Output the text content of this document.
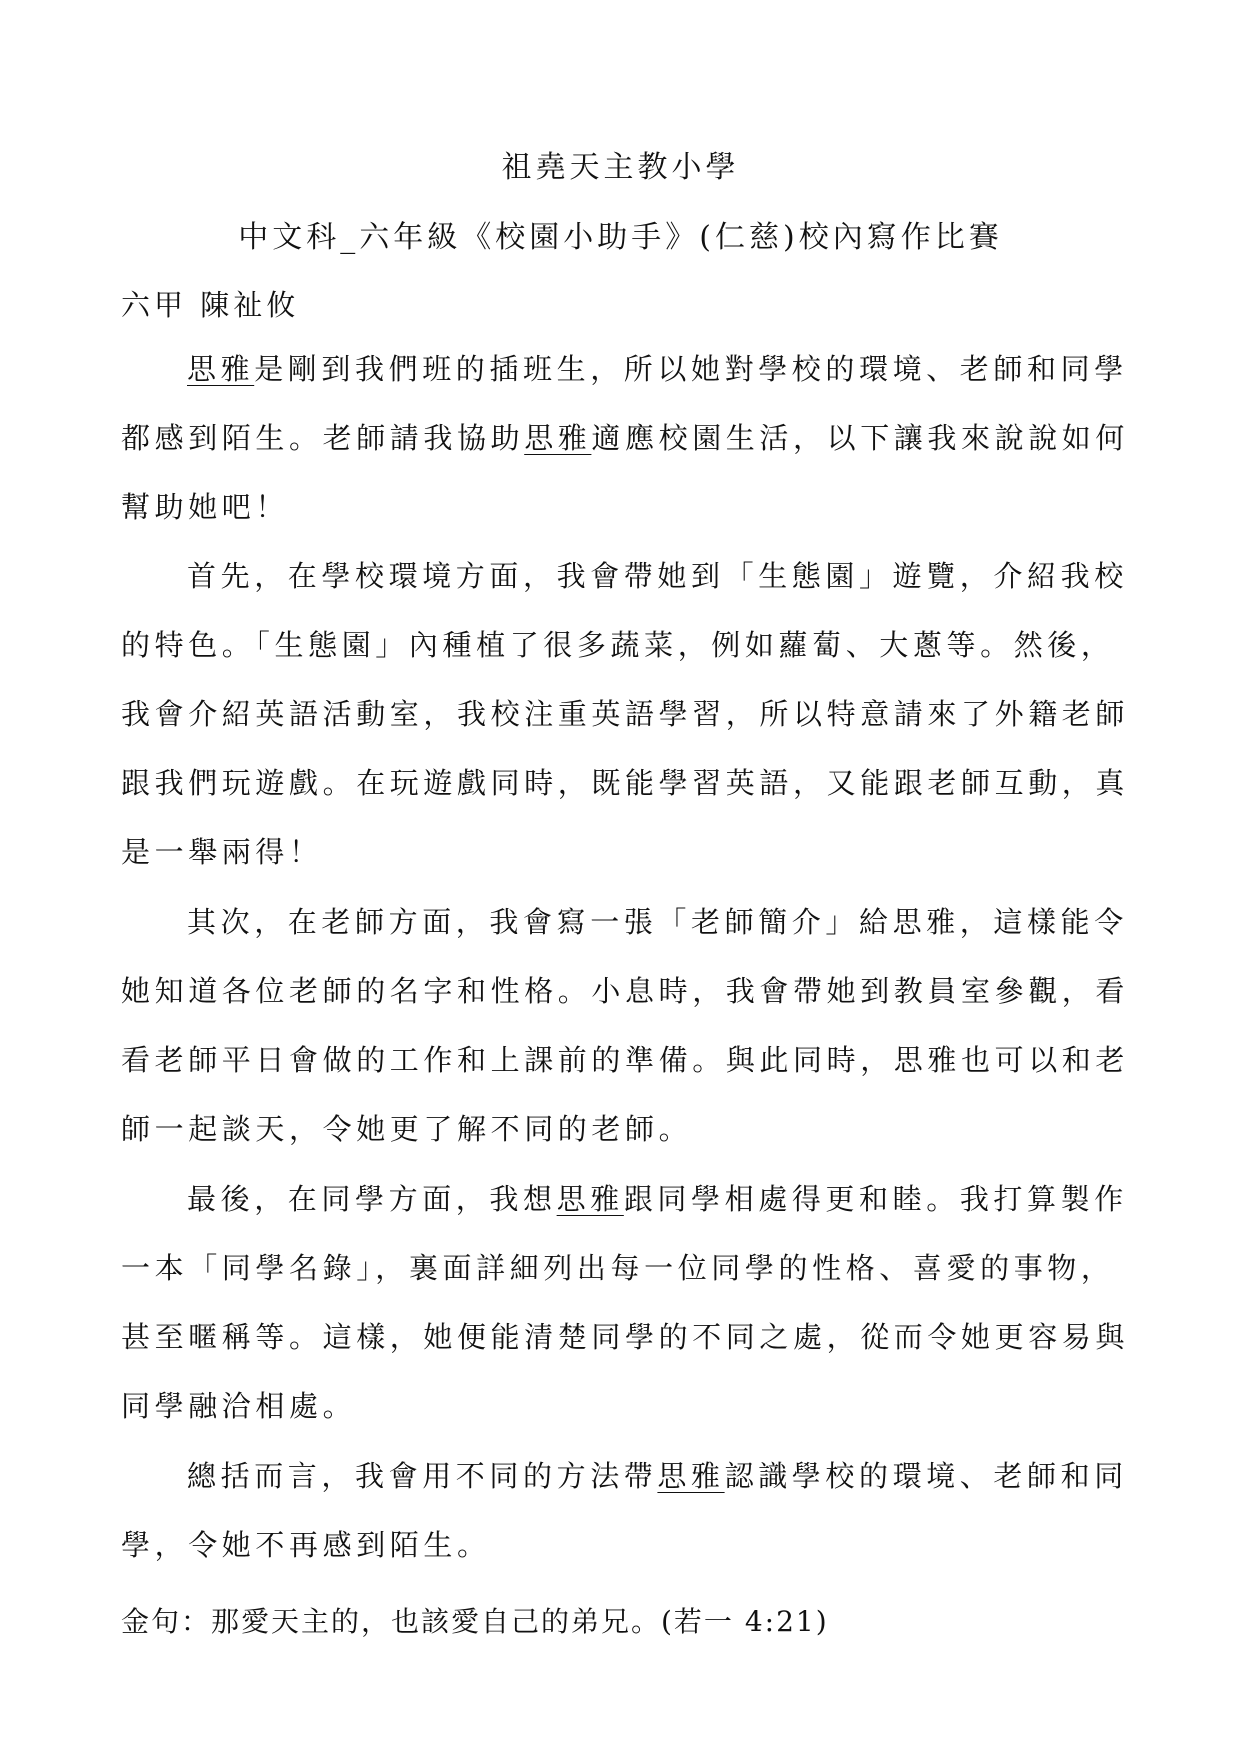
祖堯天主教小學
中文科_六年級《校園小助手》(仁慈)校內寫作比賽
六甲 陳祉攸
思雅是剛到我們班的插班生，所以她對學校的環境、老師和同學
都感到陌生。老師請我協助思雅適應校園生活，以下讓我來說說如何
幫助她吧！
首先，在學校環境方面，我會帶她到「生態園」遊覽，介紹我校
的特色。「生態園」內種植了很多蔬菜，例如蘿蔔、大蔥等。然後，
我會介紹英語活動室，我校注重英語學習，所以特意請來了外籍老師
跟我們玩遊戲。在玩遊戲同時，既能學習英語，又能跟老師互動，真
是一舉兩得！
其次，在老師方面，我會寫一張「老師簡介」給思雅，這樣能令
她知道各位老師的名字和性格。小息時，我會帶她到教員室參觀，看
看老師平日會做的工作和上課前的準備。與此同時，思雅也可以和老
師一起談天，令她更了解不同的老師。
最後，在同學方面，我想思雅跟同學相處得更和睦。我打算製作
一本「同學名錄」，裏面詳細列出每一位同學的性格、喜愛的事物，
甚至暱稱等。這樣，她便能清楚同學的不同之處，從而令她更容易與
同學融洽相處。
總括而言，我會用不同的方法帶思雅認識學校的環境、老師和同
學，令她不再感到陌生。
金句：那愛天主的，也該愛自己的弟兄。(若一 4:21)
